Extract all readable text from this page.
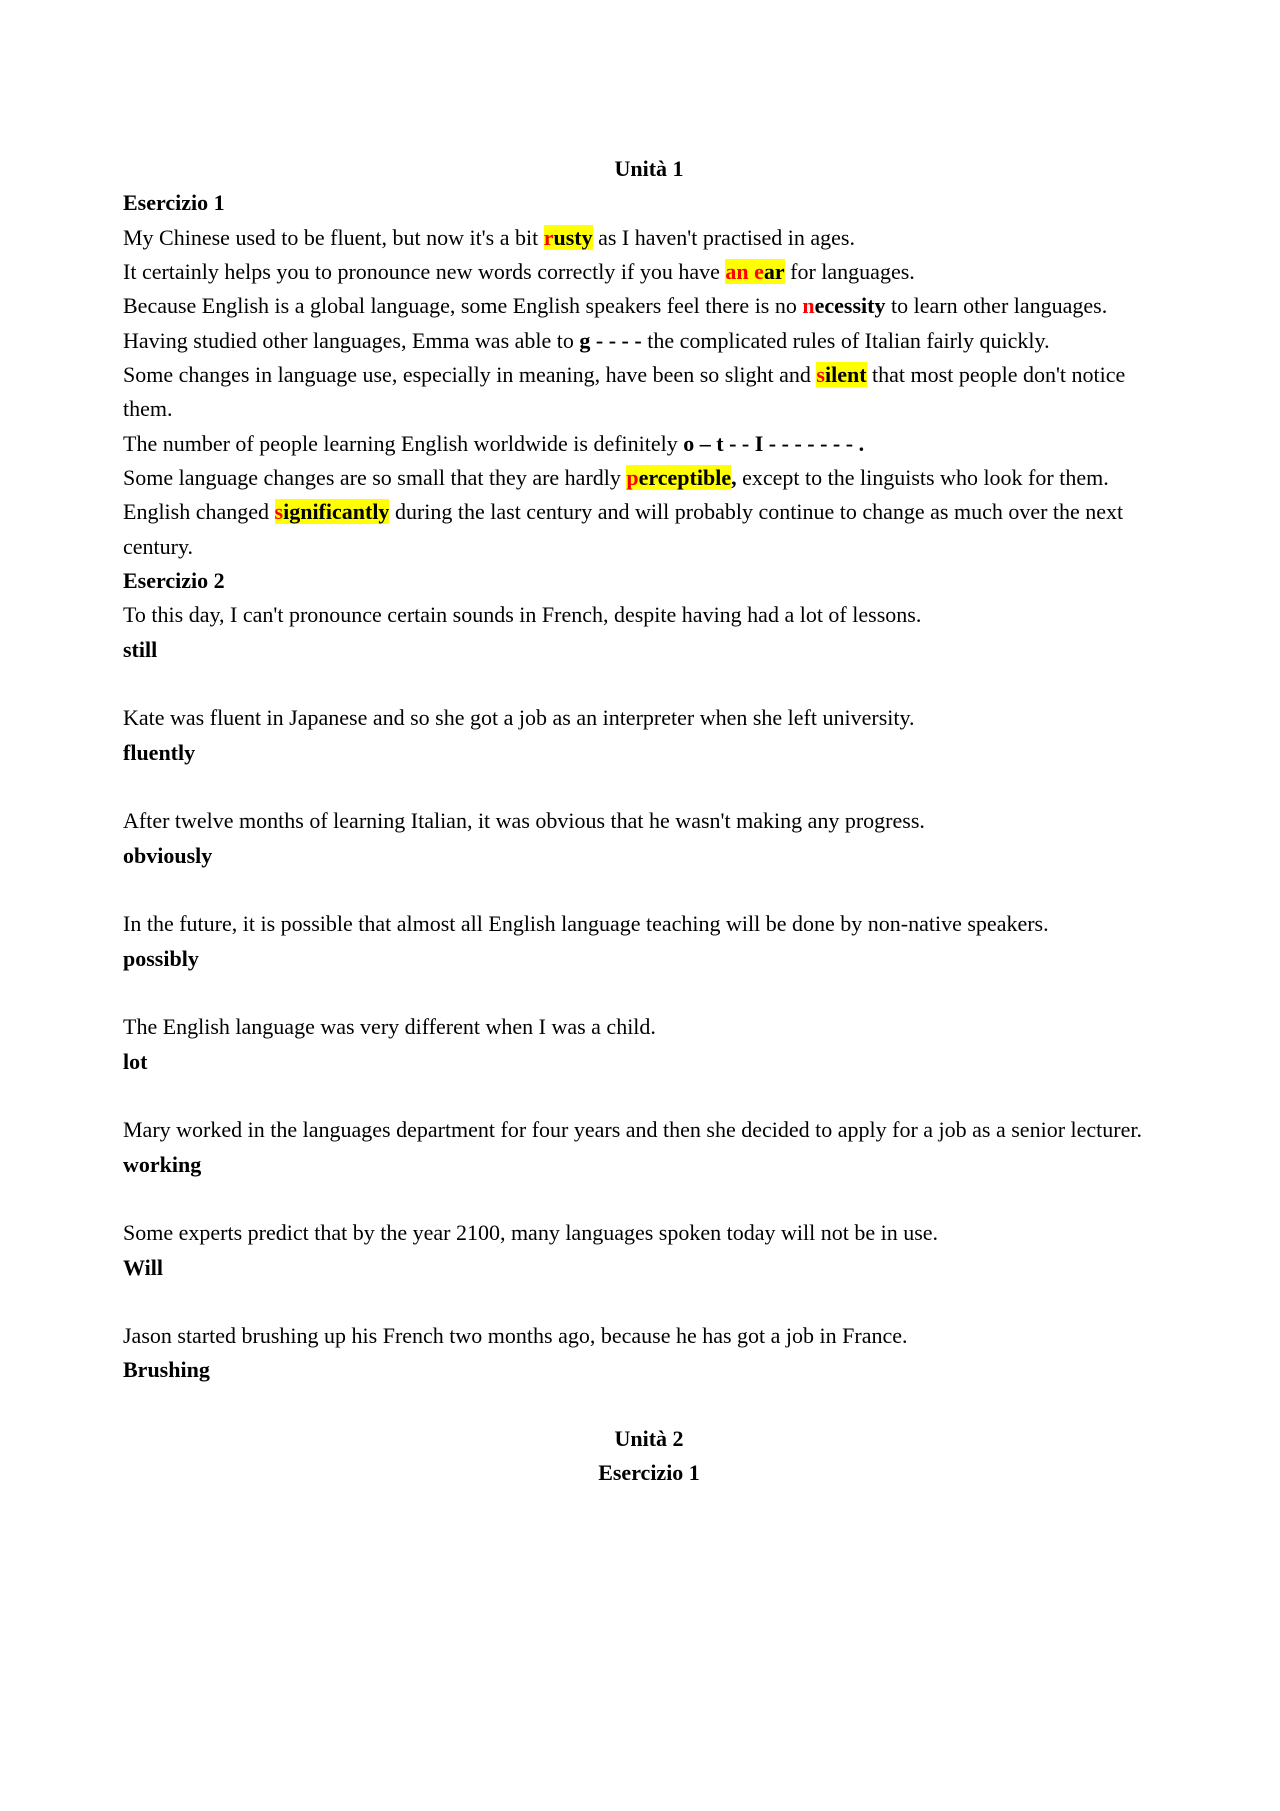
Unità 1

Esercizio 1

My Chinese used to be fluent, but now it's a bit rusty as I haven't practised in ages.

It certainly helps you to pronounce new words correctly if you have an ear for languages.

Because English is a global language, some English speakers feel there is no necessity to learn other languages.

Having studied other languages, Emma was able to g - - - - the complicated rules of Italian fairly quickly.

Some changes in language use, especially in meaning, have been so slight and silent that most people don't notice them.

The number of people learning English worldwide is definitely o – t - - I - - - - - - - .

Some language changes are so small that they are hardly perceptible, except to the linguists who look for them.

English changed significantly during the last century and will probably continue to change as much over the next century.

Esercizio 2

To this day, I can't pronounce certain sounds in French, despite having had a lot of lessons.

still

Kate was fluent in Japanese and so she got a job as an interpreter when she left university.

fluently

After twelve months of learning Italian, it was obvious that he wasn't making any progress.

obviously

In the future, it is possible that almost all English language teaching will be done by non-native speakers.

possibly

The English language was very different when I was a child.

lot

Mary worked in the languages department for four years and then she decided to apply for a job as a senior lecturer.

working

Some experts predict that by the year 2100, many languages spoken today will not be in use.

Will

Jason started brushing up his French two months ago, because he has got a job in France.

Brushing

Unità 2

Esercizio 1
